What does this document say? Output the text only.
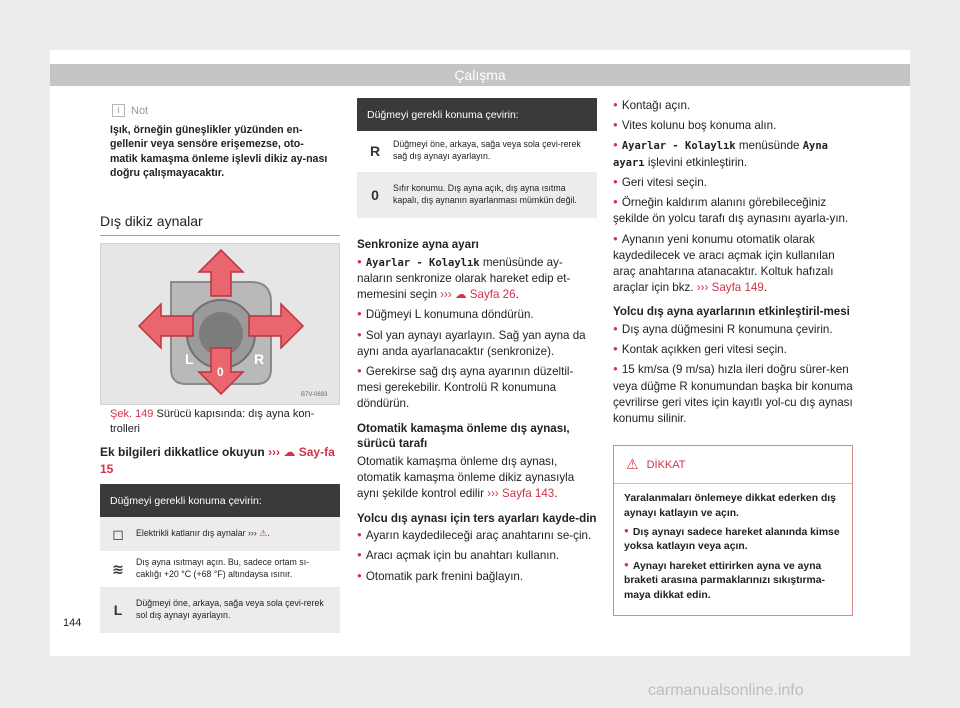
Çalışma
i	Not
Işık, örneğin güneşlikler yüzünden en-gellenir veya sensöre erişemezse, oto-matik kamaşma önleme işlevli dikiz ay-nası doğru çalışmayacaktır.
Dış dikiz aynalar
L	R
0
B7V-0693
Şek. 149 Sürücü kapısında: dış ayna kon-trolleri
Ek bilgileri dikkatlice okuyun ››› ☁ Say-fa 15
Düğmeyi gerekli konuma çevirin:
◻	Elektrikli katlanır dış aynalar ››› ⚠.
≋	Dış ayna ısıtmayı açın. Bu, sadece ortam sı-caklığı +20 °C (+68 °F) altındaysa ısınır.
L	Düğmeyi öne, arkaya, sağa veya sola çevi-rerek sol dış aynayı ayarlayın.
Düğmeyi gerekli konuma çevirin:
R	Düğmeyi öne, arkaya, sağa veya sola çevi-rerek sağ dış aynayı ayarlayın.
0	Sıfır konumu. Dış ayna açık, dış ayna ısıtma kapalı, dış aynanın ayarlanması mümkün değil.
Senkronize ayna ayarı

● Ayarlar - Kolaylık menüsünde ay-naların senkronize olarak hareket edip et-memesini seçin ››› ☁ Sayfa 26.

● Düğmeyi L konumuna döndürün.

● Sol yan aynayı ayarlayın. Sağ yan ayna da aynı anda ayarlanacaktır (senkronize).

● Gerekirse sağ dış ayna ayarının düzeltil-mesi gerekebilir. Kontrolü R konumuna döndürün.

Otomatik kamaşma önleme dış aynası, sürücü tarafı

Otomatik kamaşma önleme dış aynası, otomatik kamaşma önleme dikiz aynasıyla aynı şekilde kontrol edilir ››› Sayfa 143.

Yolcu dış aynası için ters ayarları kayde-din

● Ayarın kaydedileceği araç anahtarını se-çin.

● Aracı açmak için bu anahtarı kullanın.

● Otomatik park frenini bağlayın.

● Kontağı açın.

● Vites kolunu boş konuma alın.

● Ayarlar - Kolaylık menüsünde Ayna ayarı işlevini etkinleştirin.

● Geri vitesi seçin.

● Örneğin kaldırım alanını görebileceğiniz şekilde ön yolcu tarafı dış aynasını ayarla-yın.

● Aynanın yeni konumu otomatik olarak kaydedilecek ve aracı açmak için kullanılan araç anahtarına atanacaktır. Koltuk hafızalı araçlar için bkz. ››› Sayfa 149.

Yolcu dış ayna ayarlarının etkinleştiril-mesi

● Dış ayna düğmesini R konumuna çevirin.

● Kontak açıkken geri vitesi seçin.

● 15 km/sa (9 m/sa) hızla ileri doğru sürer-ken veya düğme R konumundan başka bir konuma çevrilirse geri vites için kayıtlı yol-cu dış aynası konumu silinir.

⚠ DİKKAT

Yaralanmaları önlemeye dikkat ederken dış aynayı katlayın ve açın.

● Dış aynayı sadece hareket alanında kimse yoksa katlayın veya açın.

● Aynayı hareket ettirirken ayna ve ayna braketi arasına parmaklarınızı sıkıştırma-maya dikkat edin.

144
carmanualsonline.info
